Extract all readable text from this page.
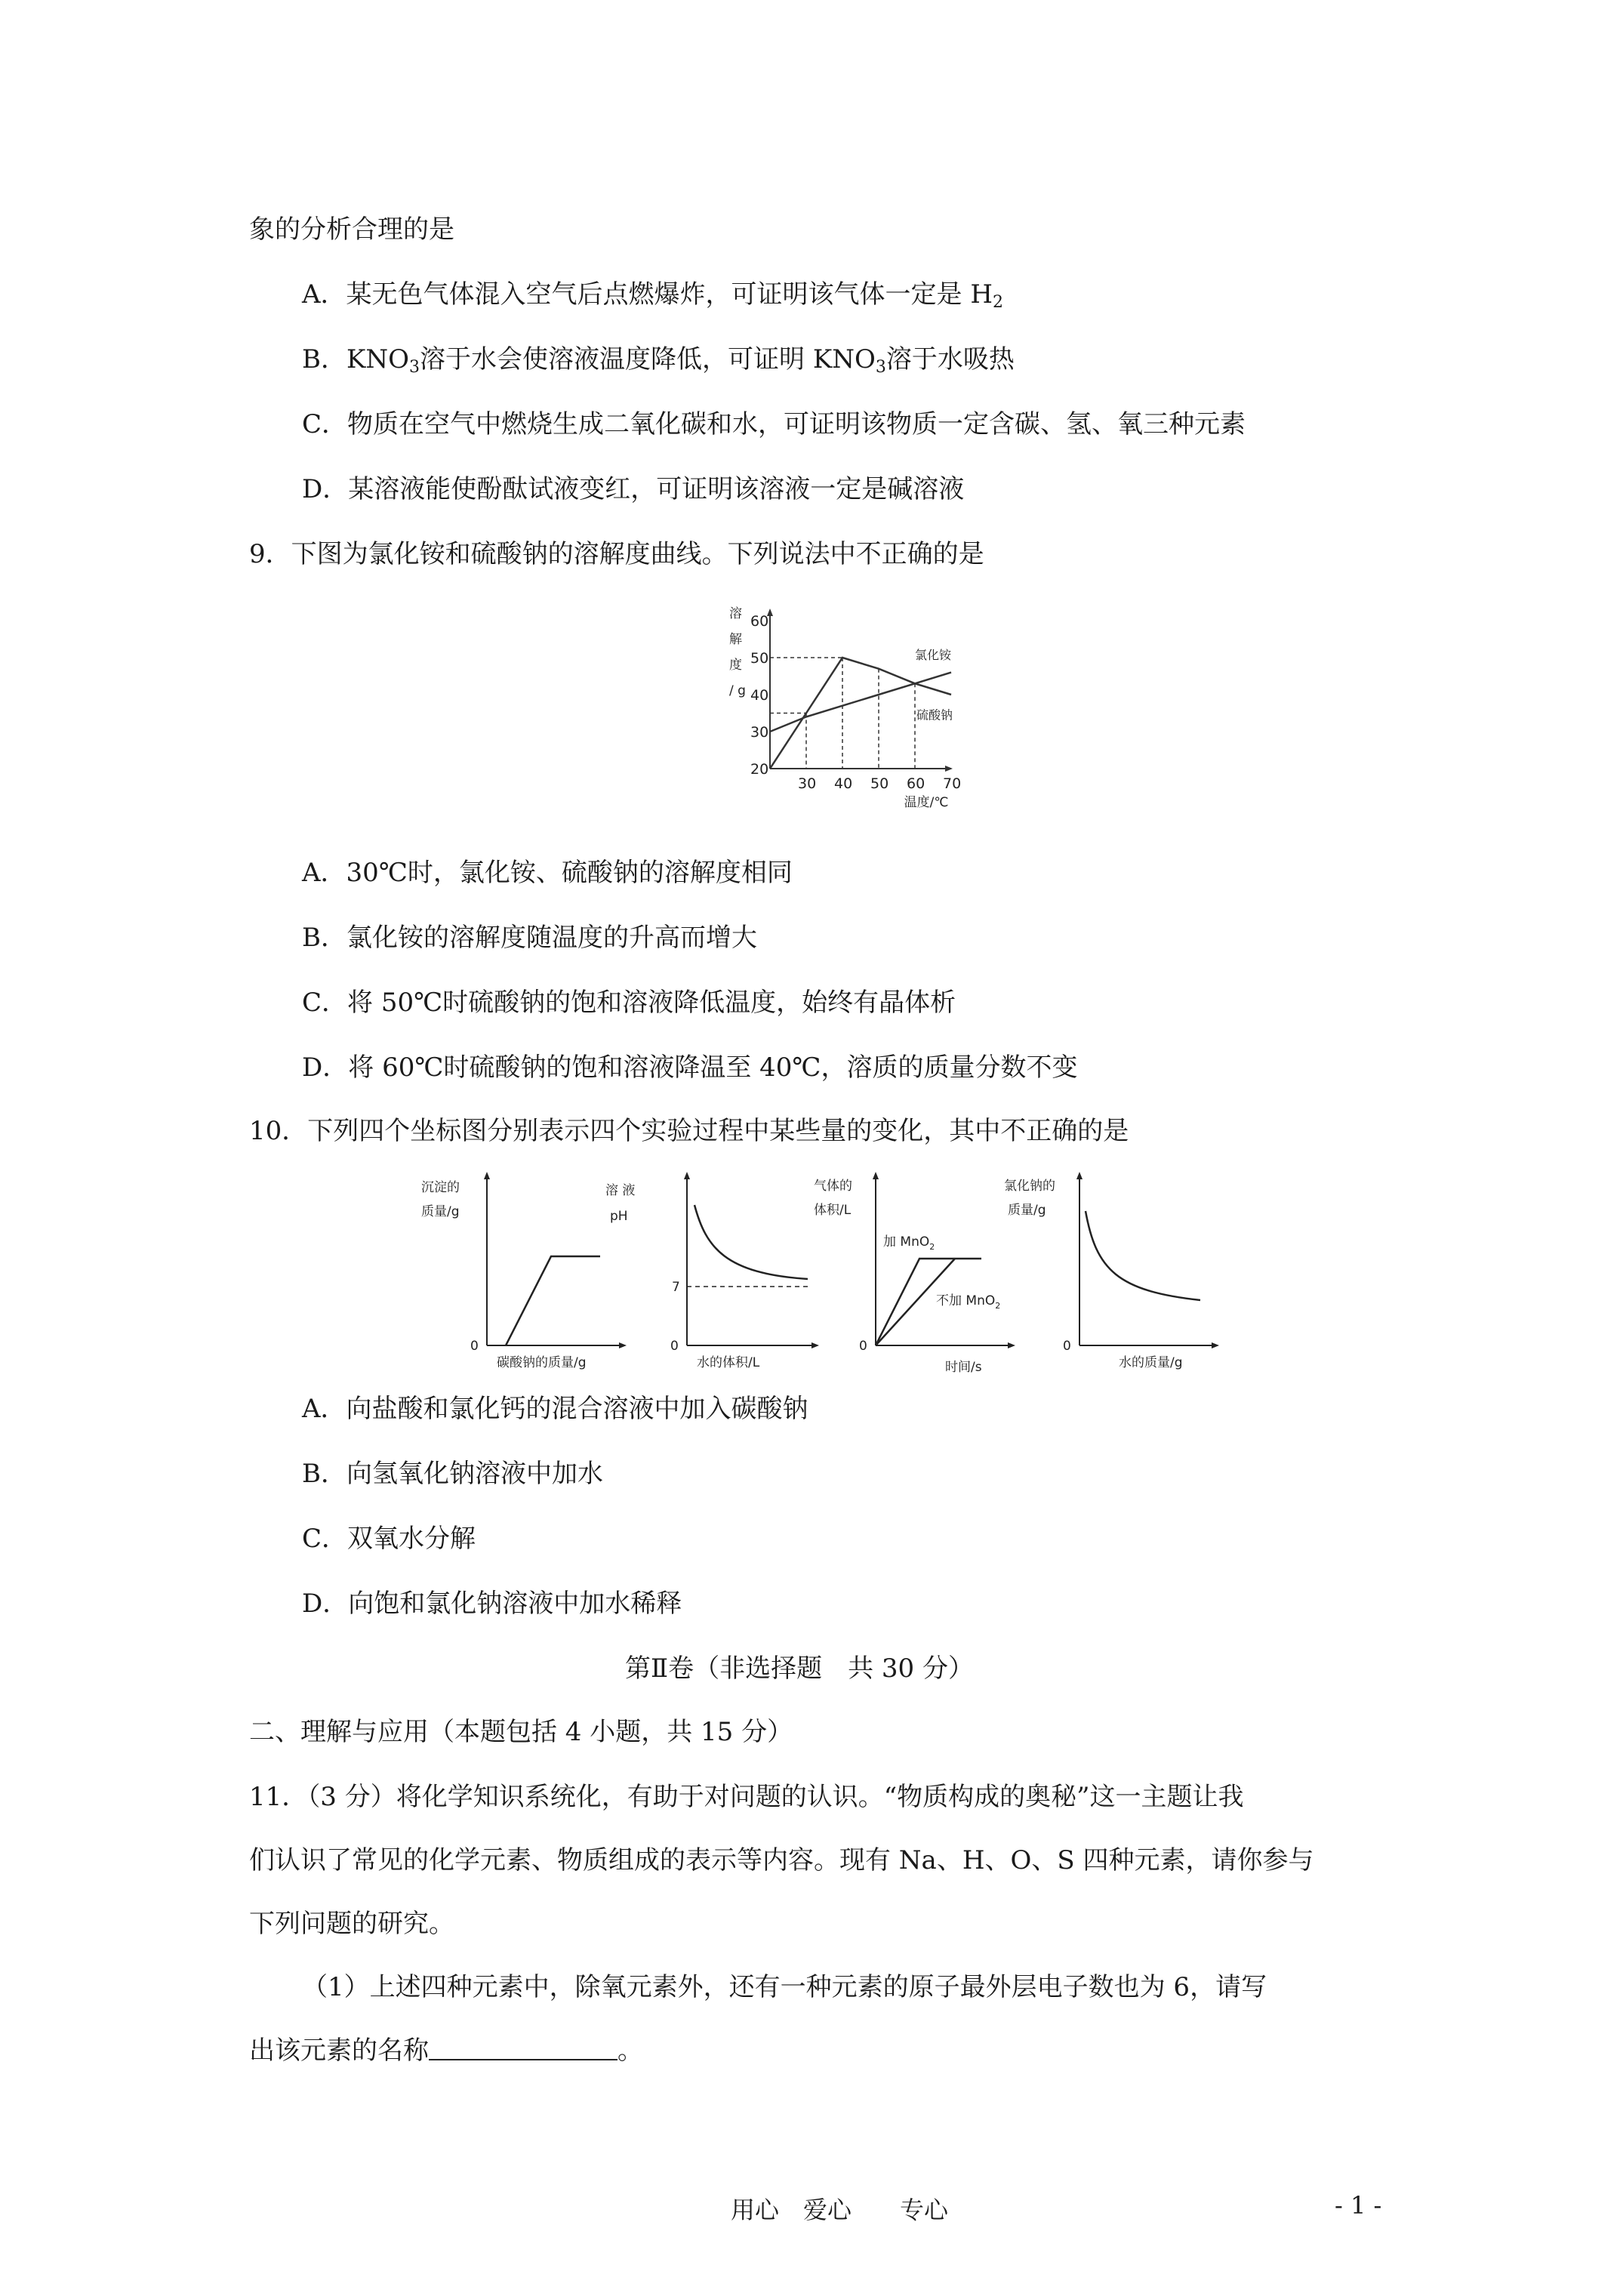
象的分析合理的是
A．某无色气体混入空气后点燃爆炸，可证明该气体一定是 $H_2$
B．$KNO_3$溶于水会使溶液温度降低，可证明 $KNO_3$溶于水吸热
C．物质在空气中燃烧生成二氧化碳和水，可证明该物质一定含碳、氢、氧三种元素
D．某溶液能使酚酞试液变红，可证明该溶液一定是碱溶液
9．下图为氯化铵和硫酸钠的溶解度曲线。下列说法中不正确的是
溶
解
度
/ g
20
30
40
50
60
30 40 50 60 70
温度/℃
氯化铵
硫酸钠
A．30℃时，氯化铵、硫酸钠的溶解度相同
B．氯化铵的溶解度随温度的升高而增大
C．将 50℃时硫酸钠的饱和溶液降低温度，始终有晶体析
D．将 60℃时硫酸钠的饱和溶液降温至 40℃，溶质的质量分数不变
10．下列四个坐标图分别表示四个实验过程中某些量的变化，其中不正确的是
沉淀的
质量/g
0
碳酸钠的质量/g
溶 液
pH
7
0
水的体积/L
气体的
体积/L
加 MnO$_2$
不加 MnO$_2$
0
时间/s
氯化钠的
质量/g
0
水的质量/g
A．向盐酸和氯化钙的混合溶液中加入碳酸钠
B．向氢氧化钠溶液中加水
C．双氧水分解
D．向饱和氯化钠溶液中加水稀释
第Ⅱ卷（非选择题　共 30 分）
二、理解与应用（本题包括 4 小题，共 15 分）
11．（3 分）将化学知识系统化，有助于对问题的认识。“物质构成的奥秘”这一主题让我
们认识了常见的化学元素、物质组成的表示等内容。现有 Na、H、O、S 四种元素，请你参与
下列问题的研究。
（1）上述四种元素中，除氧元素外，还有一种元素的原子最外层电子数也为 6，请写
出该元素的名称	。
用心　爱心　　专心	- 1 -
